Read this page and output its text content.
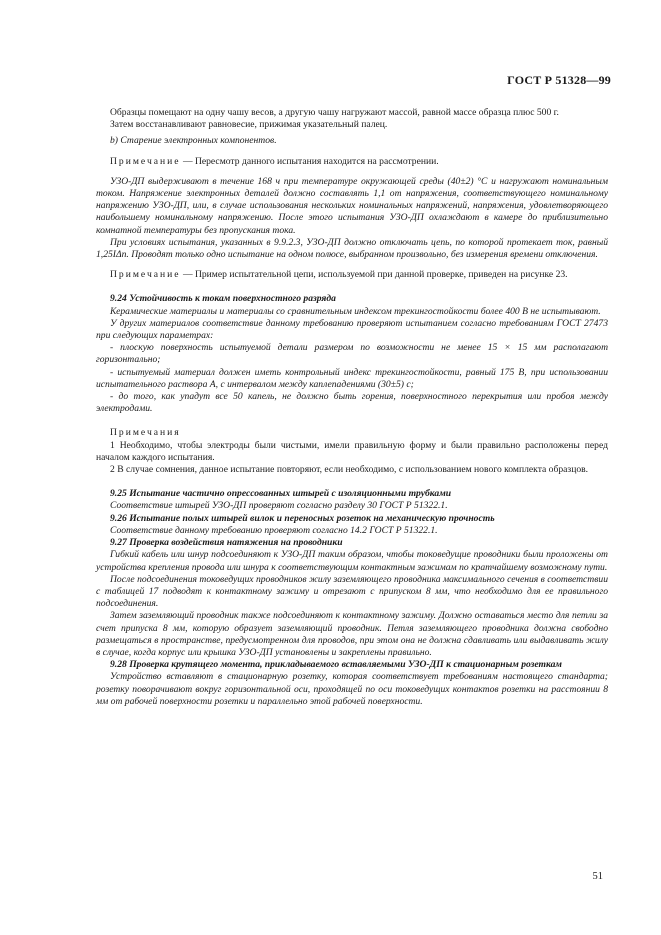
ГОСТ Р 51328—99

Образцы помещают на одну чашу весов, а другую чашу нагружают массой, равной массе образца плюс 500 г.

Затем восстанавливают равновесие, прижимая указательный палец.

b) Старение электронных компонентов.

Примечание — Пересмотр данного испытания находится на рассмотрении.

УЗО-ДП выдерживают в течение 168 ч при температуре окружающей среды (40±2) °С и нагружают номинальным током. Напряжение электронных деталей должно составлять 1,1 от напряжения, соответствующего номинальному напряжению УЗО-ДП, или, в случае использования нескольких номинальных напряжений, напряжения, удовлетворяющего наибольшему номинальному напряжению. После этого испытания УЗО-ДП охлаждают в камере до приблизительно комнатной температуры без пропускания тока.

При условиях испытания, указанных в 9.9.2.3, УЗО-ДП должно отключать цепь, по которой протекает ток, равный 1,25IΔn. Проводят только одно испытание на одном полюсе, выбранном произвольно, без измерения времени отключения.

Примечание — Пример испытательной цепи, используемой при данной проверке, приведен на рисунке 23.

9.24 Устойчивость к токам поверхностного разряда

Керамические материалы и материалы со сравнительным индексом трекингостойкости более 400 В не испытывают.

У других материалов соответствие данному требованию проверяют испытанием согласно требованиям ГОСТ 27473 при следующих параметрах:

- плоскую поверхность испытуемой детали размером по возможности не менее 15 × 15 мм располагают горизонтально;

- испытуемый материал должен иметь контрольный индекс трекингостойкости, равный 175 В, при использовании испытательного раствора А, с интервалом между каплепадениями (30±5) с;

- до того, как упадут все 50 капель, не должно быть горения, поверхностного перекрытия или пробоя между электродами.

Примечания

1 Необходимо, чтобы электроды были чистыми, имели правильную форму и были правильно расположены перед началом каждого испытания.

2 В случае сомнения, данное испытание повторяют, если необходимо, с использованием нового комплекта образцов.

9.25 Испытание частично опрессованных штырей с изоляционными трубками

Соответствие штырей УЗО-ДП проверяют согласно разделу 30 ГОСТ Р 51322.1.

9.26 Испытание полых штырей вилок и переносных розеток на механическую прочность

Соответствие данному требованию проверяют согласно 14.2 ГОСТ Р 51322.1.

9.27 Проверка воздействия натяжения на проводники

Гибкий кабель или шнур подсоединяют к УЗО-ДП таким образом, чтобы токоведущие проводники были проложены от устройства крепления провода или шнура к соответствующим контактным зажимам по кратчайшему возможному пути.

После подсоединения токоведущих проводников жилу заземляющего проводника максимального сечения в соответствии с таблицей 17 подводят к контактному зажиму и отрезают с припуском 8 мм, что необходимо для ее правильного подсоединения.

Затем заземляющий проводник также подсоединяют к контактному зажиму. Должно оставаться место для петли за счет припуска 8 мм, которую образует заземляющий проводник. Петля заземляющего проводника должна свободно размещаться в пространстве, предусмотренном для проводов, при этом она не должна сдавливать или выдавливать жилу в случае, когда корпус или крышка УЗО-ДП установлены и закреплены правильно.

9.28 Проверка крутящего момента, прикладываемого вставляемыми УЗО-ДП к стационарным розеткам

Устройство вставляют в стационарную розетку, которая соответствует требованиям настоящего стандарта; розетку поворачивают вокруг горизонтальной оси, проходящей по оси токоведущих контактов розетки на расстоянии 8 мм от рабочей поверхности розетки и параллельно этой рабочей поверхности.

51
